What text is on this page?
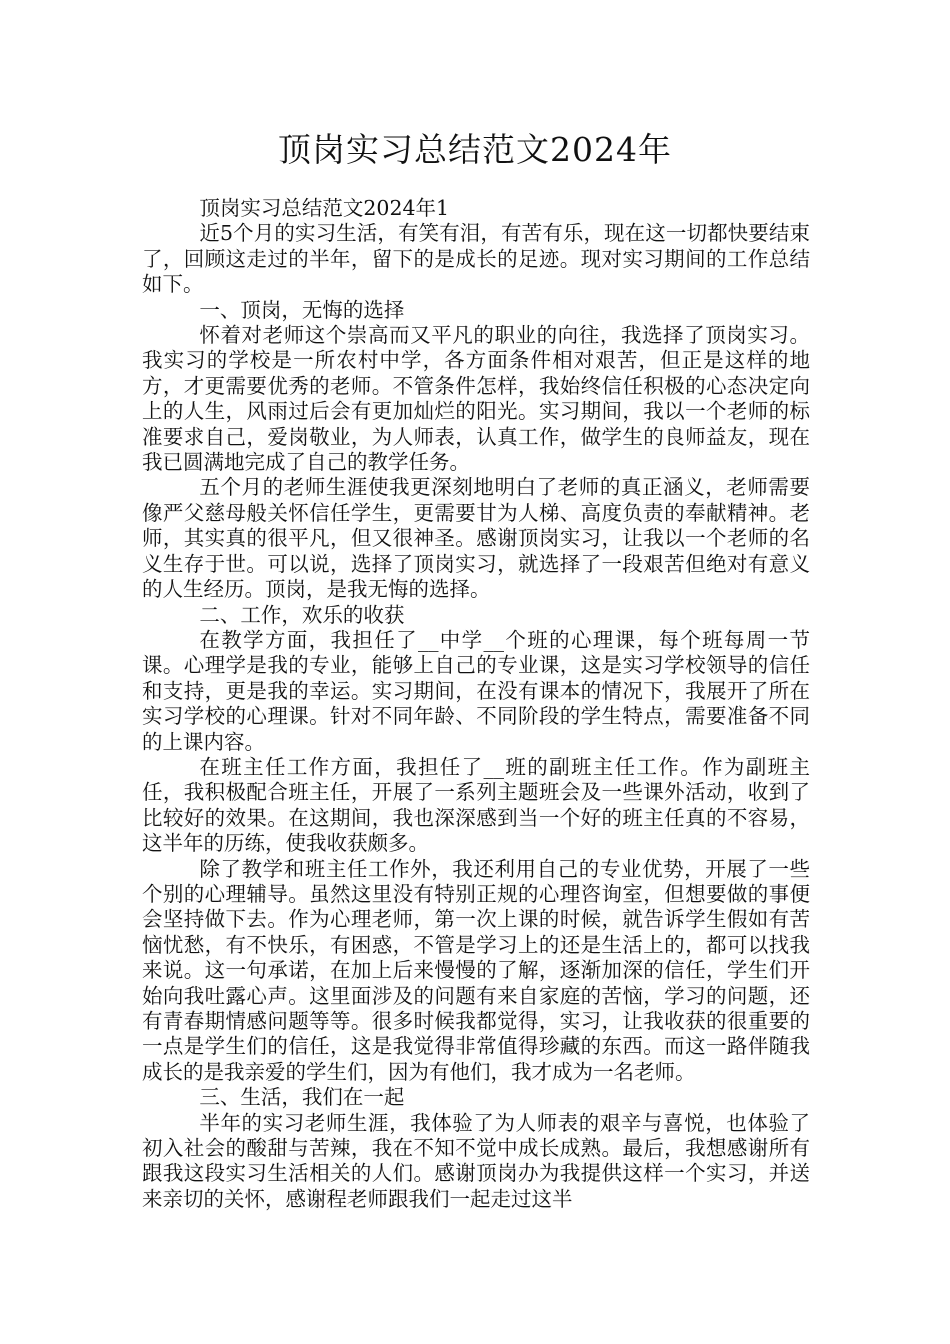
顶岗实习总结范文2024年

顶岗实习总结范文2024年1

近5个月的实习生活，有笑有泪，有苦有乐，现在这一切都快要结束了，回顾这走过的半年，留下的是成长的足迹。现对实习期间的工作总结如下。

一、顶岗，无悔的选择

怀着对老师这个崇高而又平凡的职业的向往，我选择了顶岗实习。我实习的学校是一所农村中学，各方面条件相对艰苦，但正是这样的地方，才更需要优秀的老师。不管条件怎样，我始终信任积极的心态决定向上的人生，风雨过后会有更加灿烂的阳光。实习期间，我以一个老师的标准要求自己，爱岗敬业，为人师表，认真工作，做学生的良师益友，现在我已圆满地完成了自己的教学任务。

五个月的老师生涯使我更深刻地明白了老师的真正涵义，老师需要像严父慈母般关怀信任学生，更需要甘为人梯、高度负责的奉献精神。老师，其实真的很平凡，但又很神圣。感谢顶岗实习，让我以一个老师的名义生存于世。可以说，选择了顶岗实习，就选择了一段艰苦但绝对有意义的人生经历。顶岗，是我无悔的选择。

二、工作，欢乐的收获

在教学方面，我担任了__中学__个班的心理课，每个班每周一节课。心理学是我的专业，能够上自己的专业课，这是实习学校领导的信任和支持，更是我的幸运。实习期间，在没有课本的情况下，我展开了所在实习学校的心理课。针对不同年龄、不同阶段的学生特点，需要准备不同的上课内容。

在班主任工作方面，我担任了__班的副班主任工作。作为副班主任，我积极配合班主任，开展了一系列主题班会及一些课外活动，收到了比较好的效果。在这期间，我也深深感到当一个好的班主任真的不容易，这半年的历练，使我收获颇多。

除了教学和班主任工作外，我还利用自己的专业优势，开展了一些个别的心理辅导。虽然这里没有特别正规的心理咨询室，但想要做的事便会坚持做下去。作为心理老师，第一次上课的时候，就告诉学生假如有苦恼忧愁，有不快乐，有困惑，不管是学习上的还是生活上的，都可以找我来说。这一句承诺，在加上后来慢慢的了解，逐渐加深的信任，学生们开始向我吐露心声。这里面涉及的问题有来自家庭的苦恼，学习的问题，还有青春期情感问题等等。很多时候我都觉得，实习，让我收获的很重要的一点是学生们的信任，这是我觉得非常值得珍藏的东西。而这一路伴随我成长的是我亲爱的学生们，因为有他们，我才成为一名老师。

三、生活，我们在一起

半年的实习老师生涯，我体验了为人师表的艰辛与喜悦，也体验了初入社会的酸甜与苦辣，我在不知不觉中成长成熟。最后，我想感谢所有跟我这段实习生活相关的人们。感谢顶岗办为我提供这样一个实习，并送来亲切的关怀，感谢程老师跟我们一起走过这半
